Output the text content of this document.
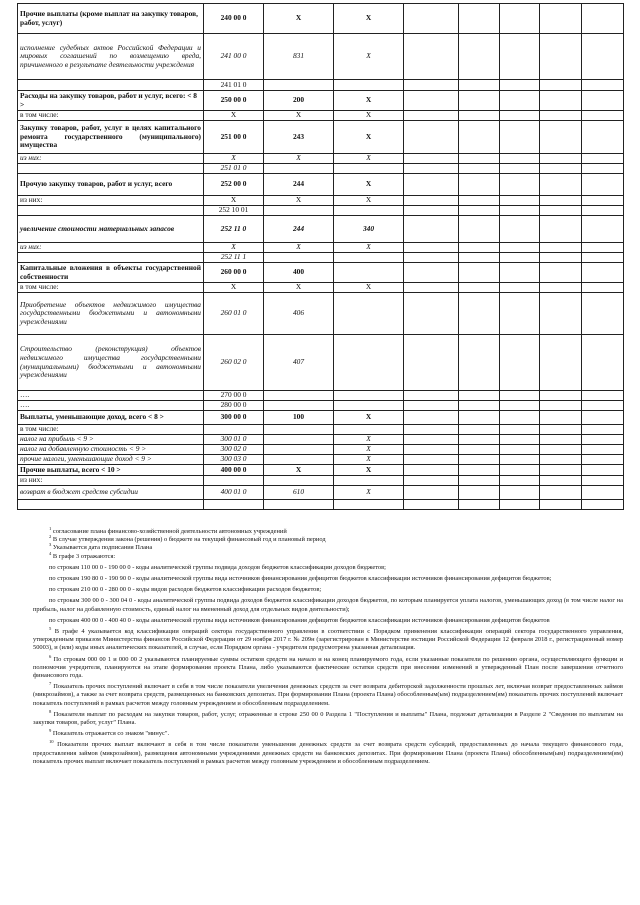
Прочие выплаты (кроме выплат на закупку товаров, работ, услуг)	240 00 0	Х	Х					
исполнение судебных актов Российской Федерации и мировых соглашений по возмещению вреда, причиненного в результате деятельности учреждения	241 00 0	831	Х					
	241 01 0							
Расходы на закупку товаров, работ и услуг, всего: < 8 >	250 00 0	200	Х					
в том числе:	Х	Х	Х					
Закупку товаров, работ, услуг в целях капитального ремонта государственного (муниципального) имущества	251 00 0	243	Х					
из них:	Х	Х	Х					
	251 01 0							
Прочую закупку товаров, работ и услуг, всего	252 00 0	244	Х					
из них:	Х	Х	Х					
	252 10 01							
увеличение стоимости материальных запасов	252 11 0	244	340					
из них:	Х	Х	Х					
	252 11 1							
Капитальные вложения в объекты государственной собственности	260 00 0	400						
в том числе:	Х	Х	Х					
Приобретение объектов недвижимого имущества государственными бюджетными и автономными учреждениями	260 01 0	406						
Строительство (реконструкция) объектов недвижимого имущества государственными (муниципальными) бюджетными и автономными учреждениями	260 02 0	407						
….	270 00 0							
….	280 00 0							
Выплаты, уменьшающие доход, всего < 8 >	300 00 0	100	Х					
в том числе:								
налог на прибыль < 9 >	300 01 0		Х					
налог на добавленную стоимость < 9 >	300 02 0		Х					
прочие налоги, уменьшающие доход < 9 >	300 03 0		Х					
Прочие выплаты, всего < 10 >	400 00 0	Х	Х					
из них:								
возврат в бюджет средств субсидии	400 01 0	610	Х					

$^1$ согласование плана финансово-хозяйственной деятельности автономных учреждений

$^2$ В случае утверждения закона (решения) о бюджете на текущий финансовый год и плановый период

$^3$ Указывается дата подписания Плана

$^4$ В графе 3 отражаются:

по строкам 110 00 0 - 190 00 0 - коды аналитической группы подвида доходов бюджетов классификации доходов бюджетов;

по строкам 190 80 0 - 190 90 0 - коды аналитической группы вида источников финансирования дефицитов бюджетов классификации источников финансирования дефицитов бюджетов;

по строкам 210 00 0 - 280 00 0 - коды видов расходов бюджетов классификации расходов бюджетов;

по строкам 300 00 0 - 300 04 0 - коды аналитической группы подвида доходов бюджетов классификации доходов бюджетов, по которым планируется уплата налогов, уменьшающих доход (в том числе налог на прибыль, налог на добавленную стоимость, единый налог на вмененный доход для отдельных видов деятельности);

по строкам 400 00 0 - 400 40 0 - коды аналитической группы вида источников финансирования дефицитов бюджетов классификации источников финансирования дефицитов бюджетов

$^5$ В графе 4 указывается код классификации операций сектора государственного управления в соответствии с Порядком применения классификации операций сектора государственного управления, утвержденным приказом Министерства финансов Российской Федерации от 29 ноября 2017 г. № 209н (зарегистрирован в Министерстве юстиции Российской Федерации 12 февраля 2018 г., регистрационный номер 50003), и (или) коды иных аналитических показателей, в случае, если Порядком органа - учредителя предусмотрена указанная детализация.

$^6$ По строкам 000 00 1 и 000 00 2 указываются планируемые суммы остатков средств на начало и на конец планируемого года, если указанные показатели по решению органа, осуществляющего функции и полномочия учредителя, планируются на этапе формирования проекта Плана, либо указываются фактические остатки средств при внесении изменений в утвержденный План после завершения отчетного финансового года.

$^7$ Показатель прочих поступлений включает в себя в том числе показатели увеличения денежных средств за счет возврата дебиторской задолженности прошлых лет, включая возврат предоставленных займов (микрозаймов), а также за счет возврата средств, размещенных на банковских депозитах. При формировании Плана (проекта Плана) обособленным(ым) подразделением(ям) показатель прочих поступлений включает показатель поступлений в рамках расчетов между головным учреждением и обособленным подразделением.

$^8$ Показатели выплат по расходам на закупки товаров, работ, услуг, отраженные в строке 250 00 0 Раздела 1 "Поступления и выплаты" Плана, подлежат детализации в Разделе 2 "Сведения по выплатам на закупки товаров, работ, услуг" Плана.

$^9$ Показатель отражается со знаком "минус".

$^{10}$ Показатели прочих выплат включают в себя в том числе показатели уменьшения денежных средств за счет возврата средств субсидий, предоставленных до начала текущего финансового года, предоставления займов (микрозаймов), размещения автономными учреждениями денежных средств на банковских депозитах. При формировании Плана (проекта Плана) обособленным(ым) подразделением(ям) показатель прочих выплат включает показатель поступлений в рамках расчетов между головным учреждением и обособленным подразделением.
